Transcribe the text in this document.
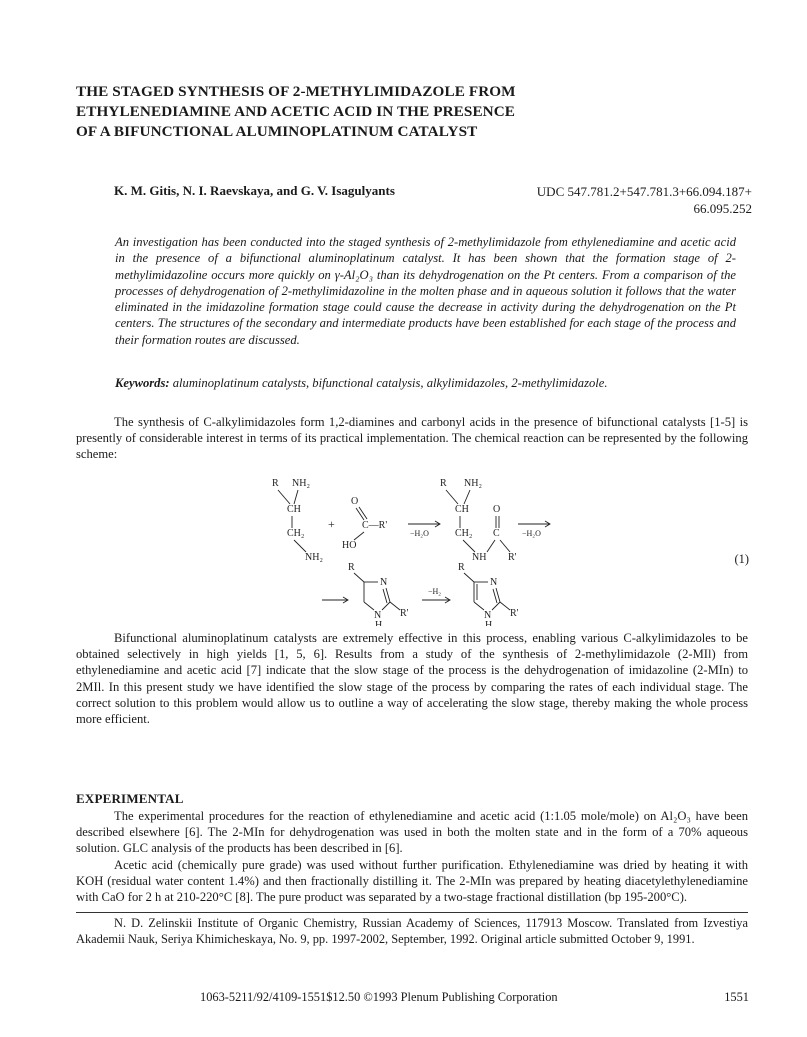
THE STAGED SYNTHESIS OF 2-METHYLIMIDAZOLE FROM
ETHYLENEDIAMINE AND ACETIC ACID IN THE PRESENCE
OF A BIFUNCTIONAL ALUMINOPLATINUM CATALYST
K. M. Gitis, N. I. Raevskaya, and G. V. Isagulyants	UDC 547.781.2+547.781.3+66.094.187+
66.095.252
An investigation has been conducted into the staged synthesis of 2-methylimidazole from ethylenediamine and acetic acid in the presence of a bifunctional aluminoplatinum catalyst. It has been shown that the formation stage of 2-methylimidazoline occurs more quickly on γ-Al₂O₃ than its dehydrogenation on the Pt centers. From a comparison of the processes of dehydrogenation of 2-methylimidazoline in the molten phase and in aqueous solution it follows that the water eliminated in the imidazoline formation stage could cause the decrease in activity during the dehydrogenation on the Pt centers. The structures of the secondary and intermediate products have been established for each stage of the process and their formation routes are discussed.
Keywords: aluminoplatinum catalysts, bifunctional catalysis, alkylimidazoles, 2-methylimidazole.
The synthesis of C-alkylimidazoles form 1,2-diamines and carbonyl acids in the presence of bifunctional catalysts [1-5] is presently of considerable interest in terms of its practical implementation. The chemical reaction can be represented by the following scheme:
R NH₂
CH
CH₂
NH₂
+
O
C—R'
HO
−H₂O
R NH₂
CH
CH₂
O
C
NH R'
−H₂O
R
N
N
H
R'
−H₂
R
N
N
H
R'
(1)
Bifunctional aluminoplatinum catalysts are extremely effective in this process, enabling various C-alkylimidazoles to be obtained selectively in high yields [1, 5, 6]. Results from a study of the synthesis of 2-methylimidazole (2-MIl) from ethylenediamine and acetic acid [7] indicate that the slow stage of the process is the dehydrogenation of imidazoline (2-MIn) to 2MIl. In this present study we have identified the slow stage of the process by comparing the rates of each individual stage. The correct solution to this problem would allow us to outline a way of accelerating the slow stage, thereby making the whole process more efficient.
EXPERIMENTAL
The experimental procedures for the reaction of ethylenediamine and acetic acid (1:1.05 mole/mole) on Al₂O₃ have been described elsewhere [6]. The 2-MIn for dehydrogenation was used in both the molten state and in the form of a 70% aqueous solution. GLC analysis of the products has been described in [6].
Acetic acid (chemically pure grade) was used without further purification. Ethylenediamine was dried by heating it with KOH (residual water content 1.4%) and then fractionally distilling it. The 2-MIn was prepared by heating diacetylethylenediamine with CaO for 2 h at 210-220°C [8]. The pure product was separated by a two-stage fractional distillation (bp 195-200°C).
N. D. Zelinskii Institute of Organic Chemistry, Russian Academy of Sciences, 117913 Moscow. Translated from Izvestiya Akademii Nauk, Seriya Khimicheskaya, No. 9, pp. 1997-2002, September, 1992. Original article submitted October 9, 1991.
1063-5211/92/4109-1551$12.50 ©1993 Plenum Publishing Corporation	1551
